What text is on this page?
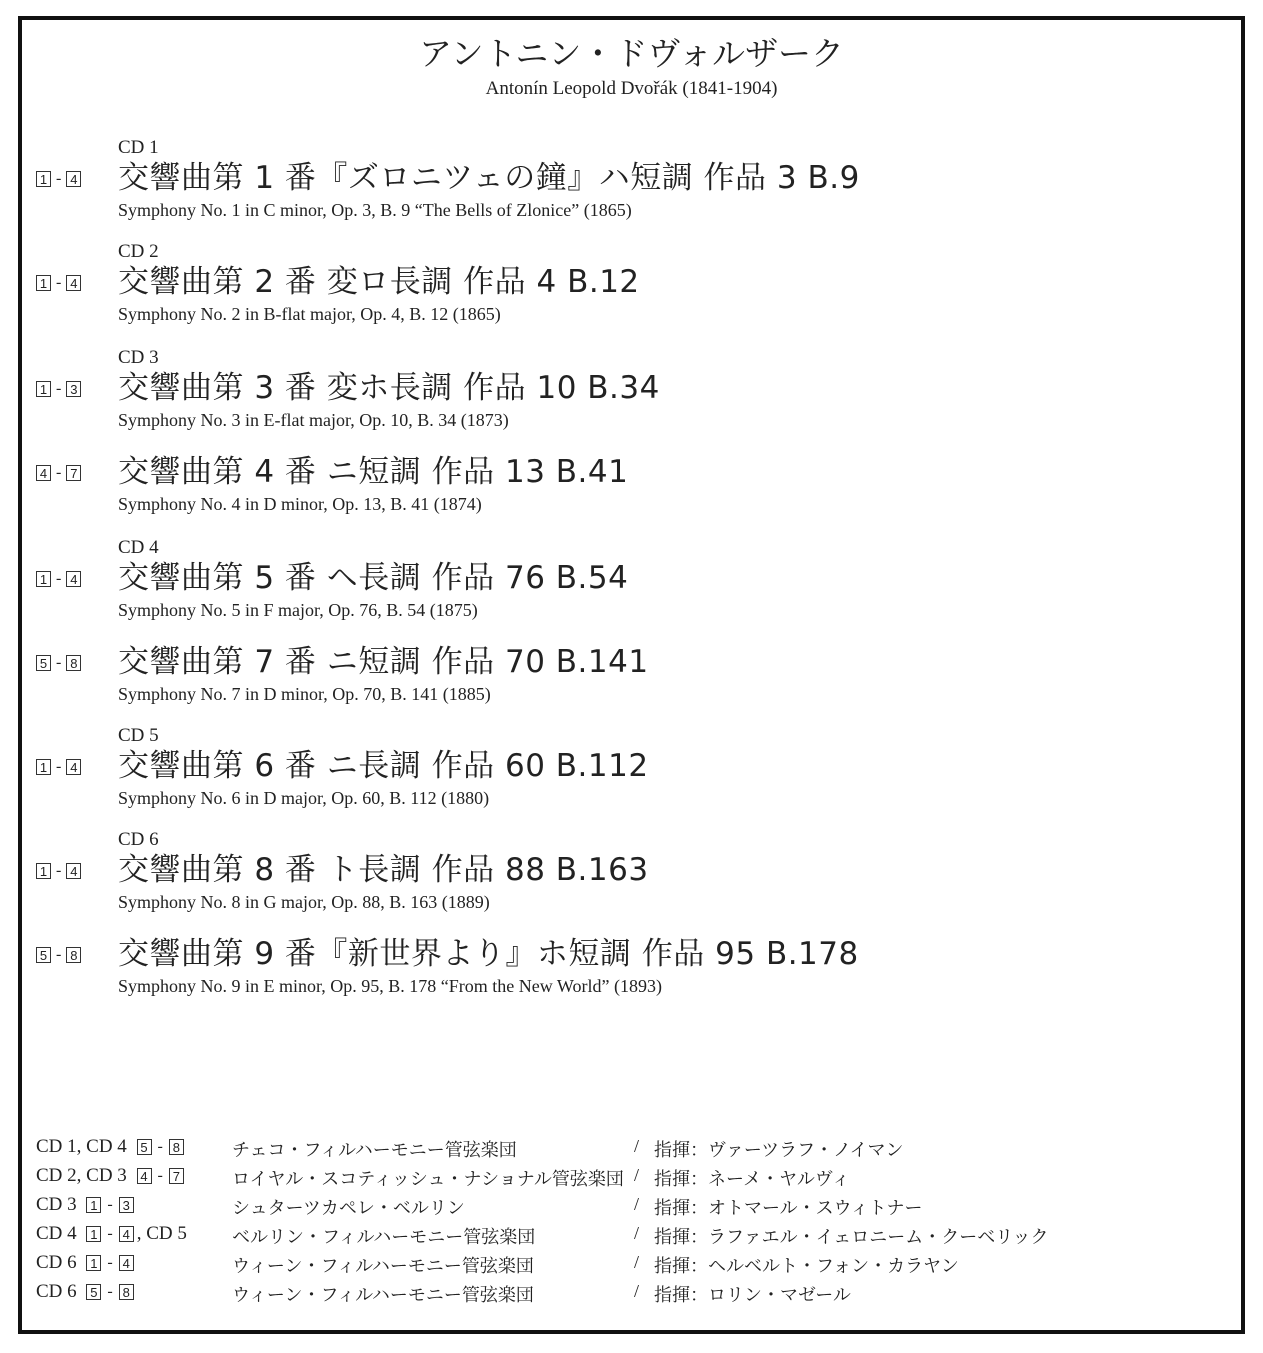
アントニン・ドヴォルザーク
Antonín Leopold Dvořák (1841-1904)
CD 1
1 - 4 交響曲第 1 番『ズロニツェの鐘』ハ短調 作品 3 B.9
Symphony No. 1 in C minor, Op. 3, B. 9 “The Bells of Zlonice” (1865)
CD 2
1 - 4 交響曲第 2 番 変ロ長調 作品 4 B.12
Symphony No. 2 in B-flat major, Op. 4, B. 12 (1865)
CD 3
1 - 3 交響曲第 3 番 変ホ長調 作品 10 B.34
Symphony No. 3 in E-flat major, Op. 10, B. 34 (1873)
4 - 7 交響曲第 4 番 ニ短調 作品 13 B.41
Symphony No. 4 in D minor, Op. 13, B. 41 (1874)
CD 4
1 - 4 交響曲第 5 番 ヘ長調 作品 76 B.54
Symphony No. 5 in F major, Op. 76, B. 54 (1875)
5 - 8 交響曲第 7 番 ニ短調 作品 70 B.141
Symphony No. 7 in D minor, Op. 70, B. 141 (1885)
CD 5
1 - 4 交響曲第 6 番 ニ長調 作品 60 B.112
Symphony No. 6 in D major, Op. 60, B. 112 (1880)
CD 6
1 - 4 交響曲第 8 番 ト長調 作品 88 B.163
Symphony No. 8 in G major, Op. 88, B. 163 (1889)
5 - 8 交響曲第 9 番『新世界より』ホ短調 作品 95 B.178
Symphony No. 9 in E minor, Op. 95, B. 178 “From the New World” (1893)
CD 1, CD 4
5 - 8	チェコ・フィルハーモニー管弦楽団	/ 指揮：ヴァーツラフ・ノイマン
CD 2, CD 3
4 - 7	ロイヤル・スコティッシュ・ナショナル管弦楽団 / 指揮：ネーメ・ヤルヴィ
CD 3
1 - 3	シュターツカペレ・ベルリン	/ 指揮：オトマール・スウィトナー
CD 4
1 - 4 , CD 5	ベルリン・フィルハーモニー管弦楽団	/ 指揮：ラファエル・イェロニーム・クーベリック
CD 6
1 - 4	ウィーン・フィルハーモニー管弦楽団	/ 指揮：ヘルベルト・フォン・カラヤン
CD 6
5 - 8	ウィーン・フィルハーモニー管弦楽団	/ 指揮：ロリン・マゼール
